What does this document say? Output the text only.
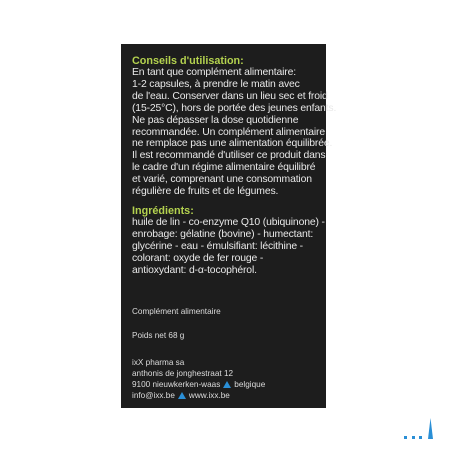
Conseils d'utilisation:

En tant que complément alimentaire:
1-2 capsules, à prendre le matin avec
de l'eau. Conserver dans un lieu sec et froid
(15-25°C), hors de portée des jeunes enfants.
Ne pas dépasser la dose quotidienne
recommandée. Un complément alimentaire
ne remplace pas une alimentation équilibrée.
Il est recommandé d'utiliser ce produit dans
le cadre d'un régime alimentaire équilibré
et varié, comprenant une consommation
régulière de fruits et de légumes.

Ingrédients:

huile de lin - co-enzyme Q10 (ubiquinone) -
enrobage: gélatine (bovine) - humectant:
glycérine - eau - émulsifiant: lécithine -
colorant: oxyde de fer rouge -
antioxydant: d-α-tocophérol.

Complément alimentaire

Poids net 68 g

ixX pharma sa

anthonis de jonghestraat 12

9100 nieuwkerken-waas belgique

info@ixx.be www.ixx.be
